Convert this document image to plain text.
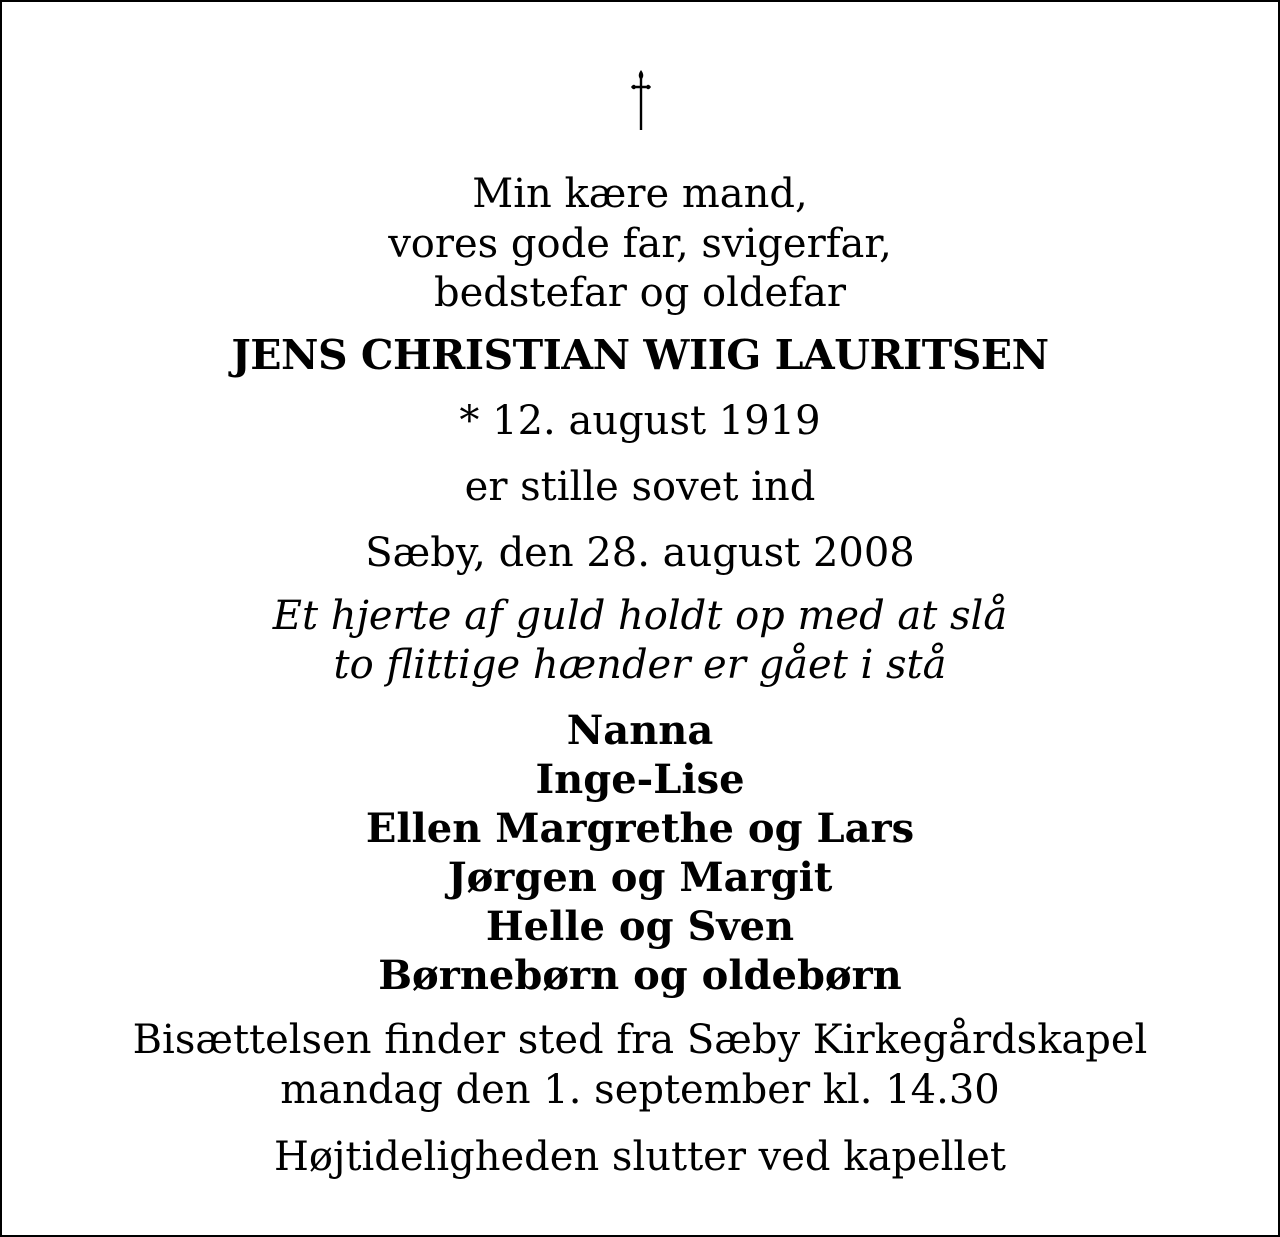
Min kære mand,

vores gode far, svigerfar,

bedstefar og oldefar

JENS CHRISTIAN WIIG LAURITSEN

* 12. august 1919

er stille sovet ind

Sæby, den 28. august 2008

Et hjerte af guld holdt op med at slå

to flittige hænder er gået i stå

Nanna

Inge-Lise

Ellen Margrethe og Lars

Jørgen og Margit

Helle og Sven

Børnebørn og oldebørn

Bisættelsen finder sted fra Sæby Kirkegårdskapel

mandag den 1. september kl. 14.30

Højtideligheden slutter ved kapellet
